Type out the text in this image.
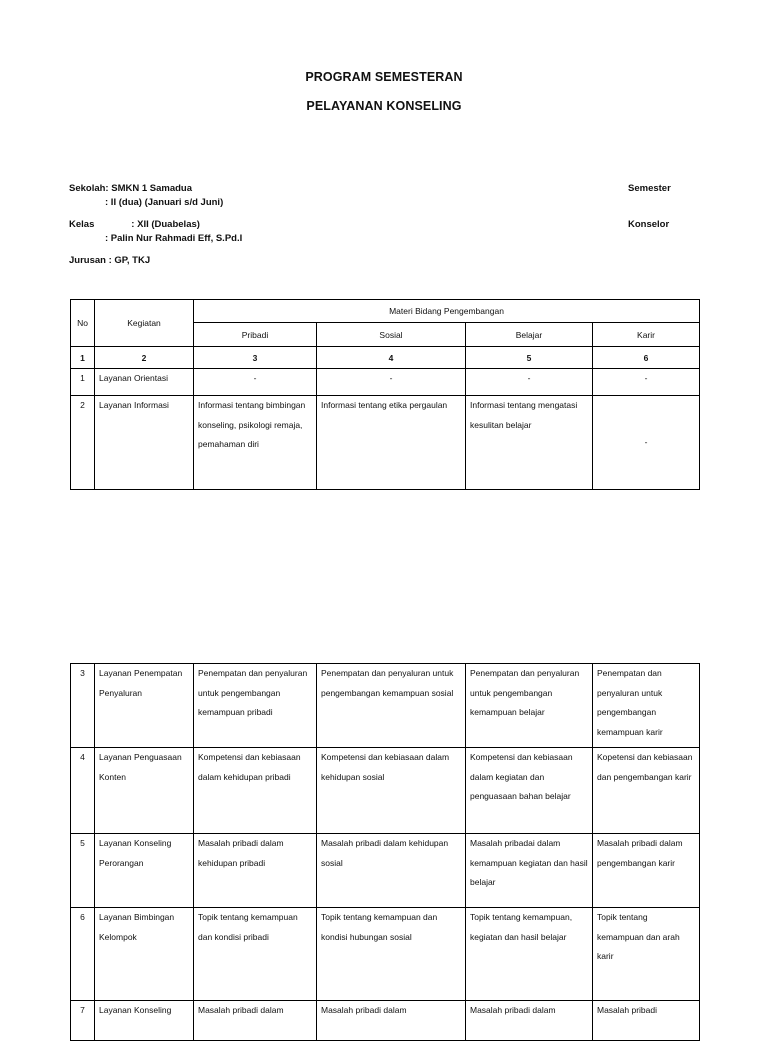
PROGRAM SEMESTERAN
PELAYANAN KONSELING
Sekolah: SMKN 1 Samadua	Semester
: II (dua) (Januari s/d Juni)
Kelas              : XII (Duabelas)	Konselor
: Palin Nur Rahmadi Eff, S.Pd.I
Jurusan : GP, TKJ
No	Kegiatan	Materi Bidang Pengembangan			
		Pribadi	Sosial	Belajar	Karir
1	2	3	4	5	6
1	Layanan Orientasi	-	-	-	-
2	Layanan Informasi	Informasi tentang bimbingan konseling, psikologi remaja, pemahaman diri	Informasi tentang etika pergaulan	Informasi tentang mengatasi kesulitan belajar	-
3	Layanan Penempatan Penyaluran	Penempatan dan penyaluran untuk pengembangan kemampuan pribadi	Penempatan dan penyaluran untuk pengembangan kemampuan sosial	Penempatan dan penyaluran untuk pengembangan kemampuan belajar	Penempatan dan penyaluran untuk pengembangan kemampuan karir
4	Layanan Penguasaan Konten	Kompetensi dan kebiasaan dalam kehidupan pribadi	Kompetensi dan kebiasaan dalam kehidupan sosial	Kompetensi dan kebiasaan dalam kegiatan dan penguasaan bahan belajar	Kopetensi dan kebiasaan dan pengembangan karir
5	Layanan Konseling Perorangan	Masalah pribadi dalam kehidupan pribadi	Masalah pribadi dalam kehidupan sosial	Masalah pribadai dalam kemampuan kegiatan dan hasil belajar	Masalah pribadi dalam pengembangan karir
6	Layanan Bimbingan Kelompok	Topik tentang kemampuan dan kondisi pribadi	Topik tentang kemampuan dan kondisi hubungan sosial	Topik tentang kemampuan, kegiatan dan hasil belajar	Topik tentang kemampuan dan arah karir
7	Layanan Konseling	Masalah pribadi dalam	Masalah pribadi dalam	Masalah pribadi dalam	Masalah pribadi
